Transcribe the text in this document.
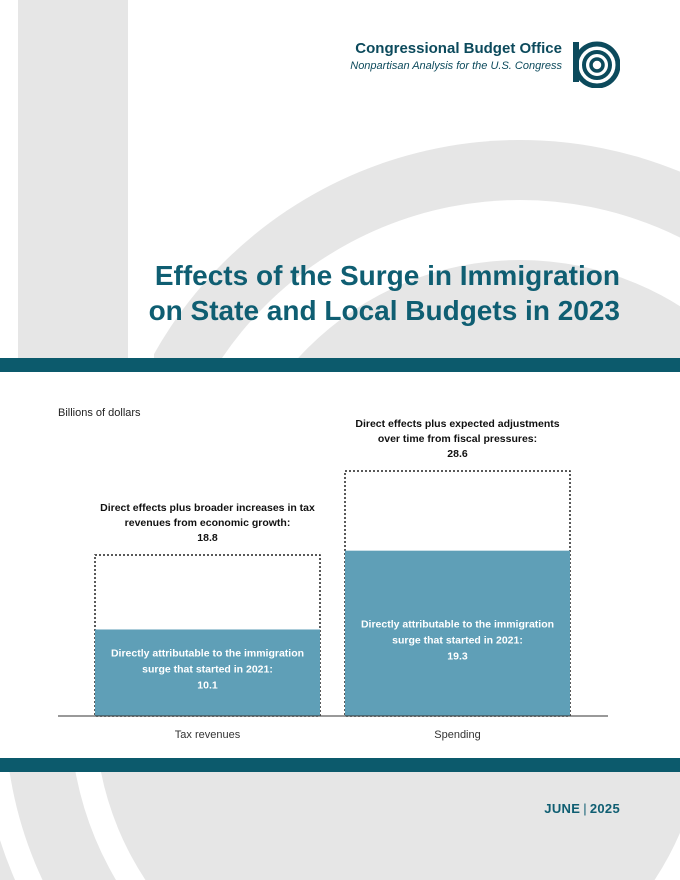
Congressional Budget Office
Nonpartisan Analysis for the U.S. Congress
Effects of the Surge in Immigration
on State and Local Budgets in 2023
Billions of dollars
Directly attributable to the immigration
surge that started in 2021:
10.1
Direct effects plus broader increases in tax
revenues from economic growth:
18.8
Directly attributable to the immigration
surge that started in 2021:
19.3
Direct effects plus expected adjustments
over time from fiscal pressures:
28.6
Tax revenues	Spending
JUNE | 2025
